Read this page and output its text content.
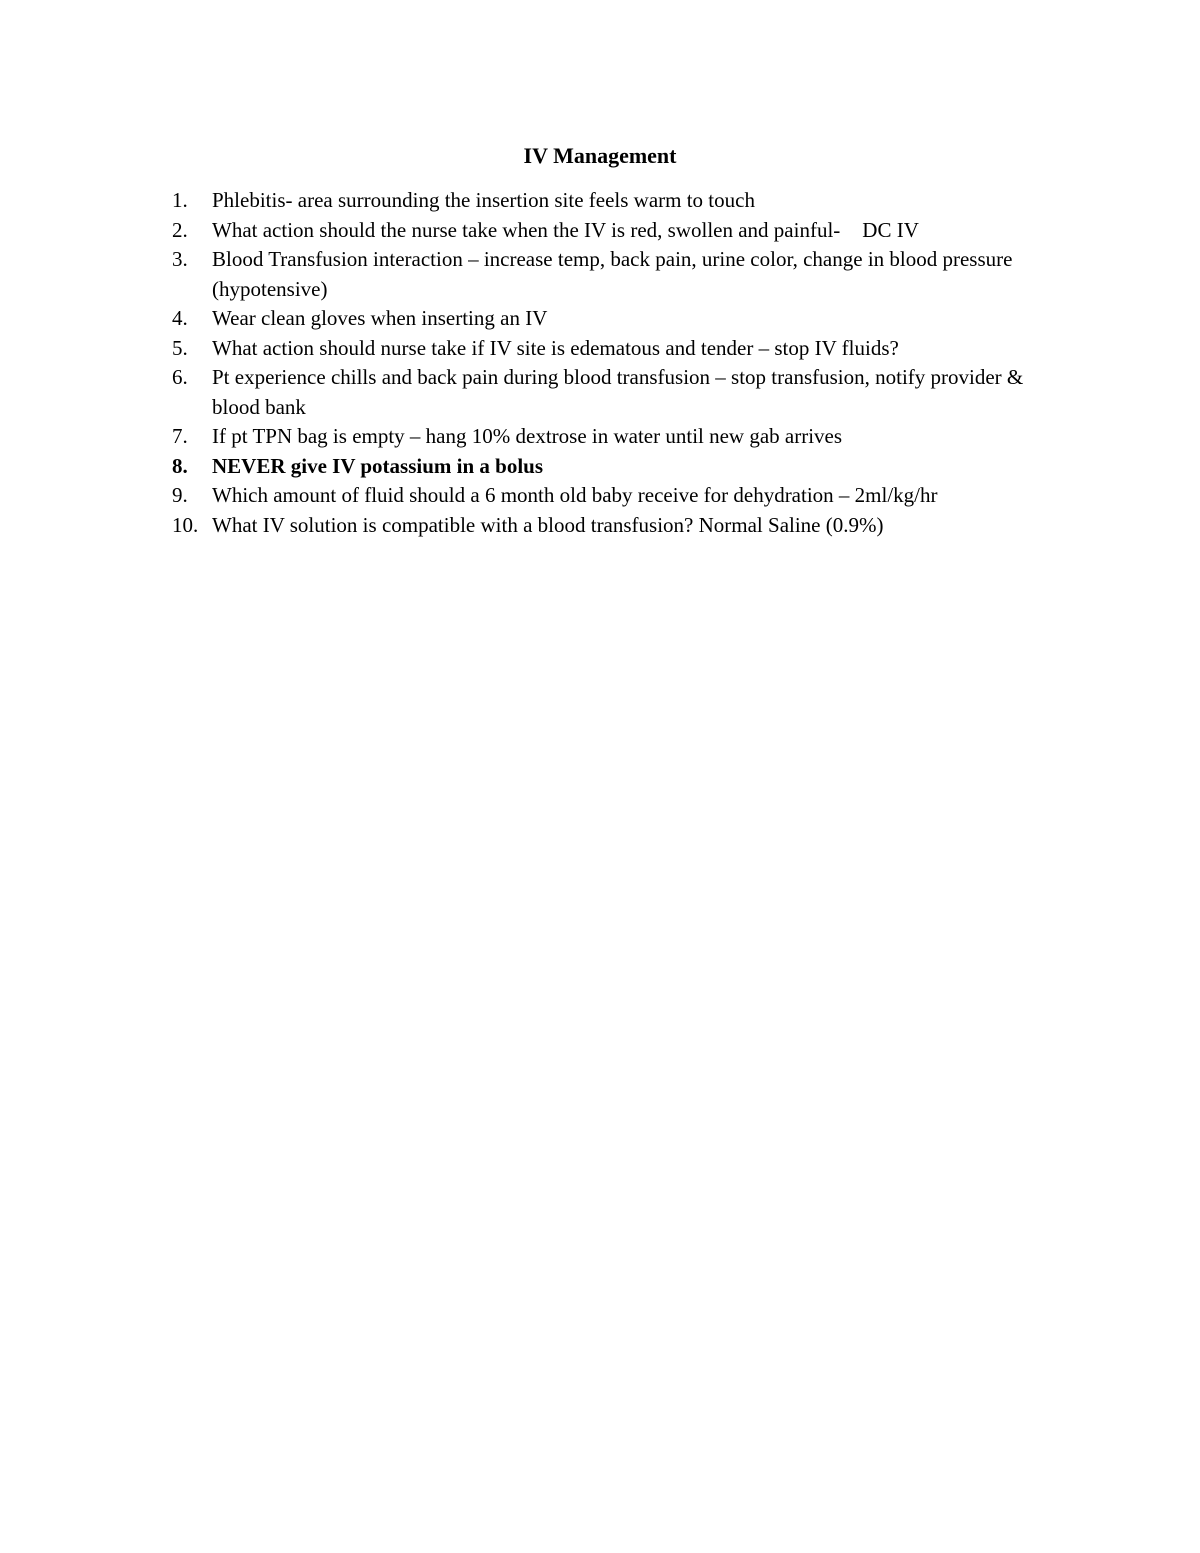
IV Management
1.	Phlebitis- area surrounding the insertion site feels warm to touch
2.	What action should the nurse take when the IV is red, swollen and painful- DC IV
3.	Blood Transfusion interaction – increase temp, back pain, urine color, change in blood pressure (hypotensive)
4.	Wear clean gloves when inserting an IV
5.	What action should nurse take if IV site is edematous and tender – stop IV fluids?
6.	Pt experience chills and back pain during blood transfusion – stop transfusion, notify provider & blood bank
7.	If pt TPN bag is empty – hang 10% dextrose in water until new gab arrives
8.	NEVER give IV potassium in a bolus
9.	Which amount of fluid should a 6 month old baby receive for dehydration – 2ml/kg/hr
10. What IV solution is compatible with a blood transfusion? Normal Saline (0.9%)
